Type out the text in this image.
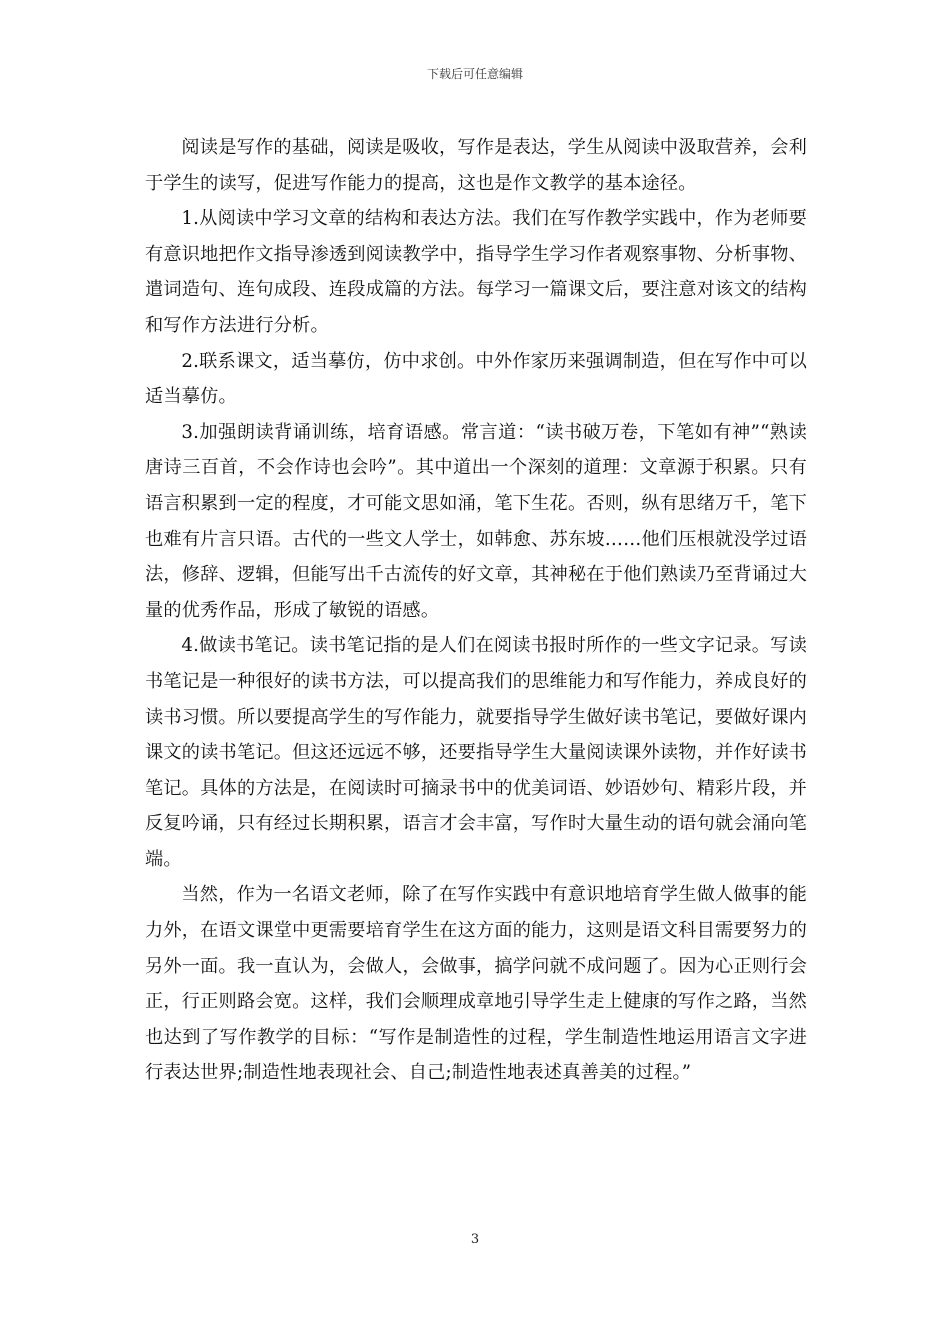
下载后可任意编辑

阅读是写作的基础，阅读是吸收，写作是表达，学生从阅读中汲取营养，会利于学生的读写，促进写作能力的提高，这也是作文教学的基本途径。

1.从阅读中学习文章的结构和表达方法。我们在写作教学实践中，作为老师要有意识地把作文指导渗透到阅读教学中，指导学生学习作者观察事物、分析事物、遣词造句、连句成段、连段成篇的方法。每学习一篇课文后，要注意对该文的结构和写作方法进行分析。

2.联系课文，适当摹仿，仿中求创。中外作家历来强调制造，但在写作中可以适当摹仿。

3.加强朗读背诵训练，培育语感。常言道：“读书破万卷，下笔如有神”“熟读唐诗三百首，不会作诗也会吟”。其中道出一个深刻的道理：文章源于积累。只有语言积累到一定的程度，才可能文思如涌，笔下生花。否则，纵有思绪万千，笔下也难有片言只语。古代的一些文人学士，如韩愈、苏东坡……他们压根就没学过语法，修辞、逻辑，但能写出千古流传的好文章，其神秘在于他们熟读乃至背诵过大量的优秀作品，形成了敏锐的语感。

4.做读书笔记。读书笔记指的是人们在阅读书报时所作的一些文字记录。写读书笔记是一种很好的读书方法，可以提高我们的思维能力和写作能力，养成良好的读书习惯。所以要提高学生的写作能力，就要指导学生做好读书笔记，要做好课内课文的读书笔记。但这还远远不够，还要指导学生大量阅读课外读物，并作好读书笔记。具体的方法是，在阅读时可摘录书中的优美词语、妙语妙句、精彩片段，并反复吟诵，只有经过长期积累，语言才会丰富，写作时大量生动的语句就会涌向笔端。

当然，作为一名语文老师，除了在写作实践中有意识地培育学生做人做事的能力外，在语文课堂中更需要培育学生在这方面的能力，这则是语文科目需要努力的另外一面。我一直认为，会做人，会做事，搞学问就不成问题了。因为心正则行会正，行正则路会宽。这样，我们会顺理成章地引导学生走上健康的写作之路，当然也达到了写作教学的目标：“写作是制造性的过程，学生制造性地运用语言文字进行表达世界;制造性地表现社会、自己;制造性地表述真善美的过程。”

3
